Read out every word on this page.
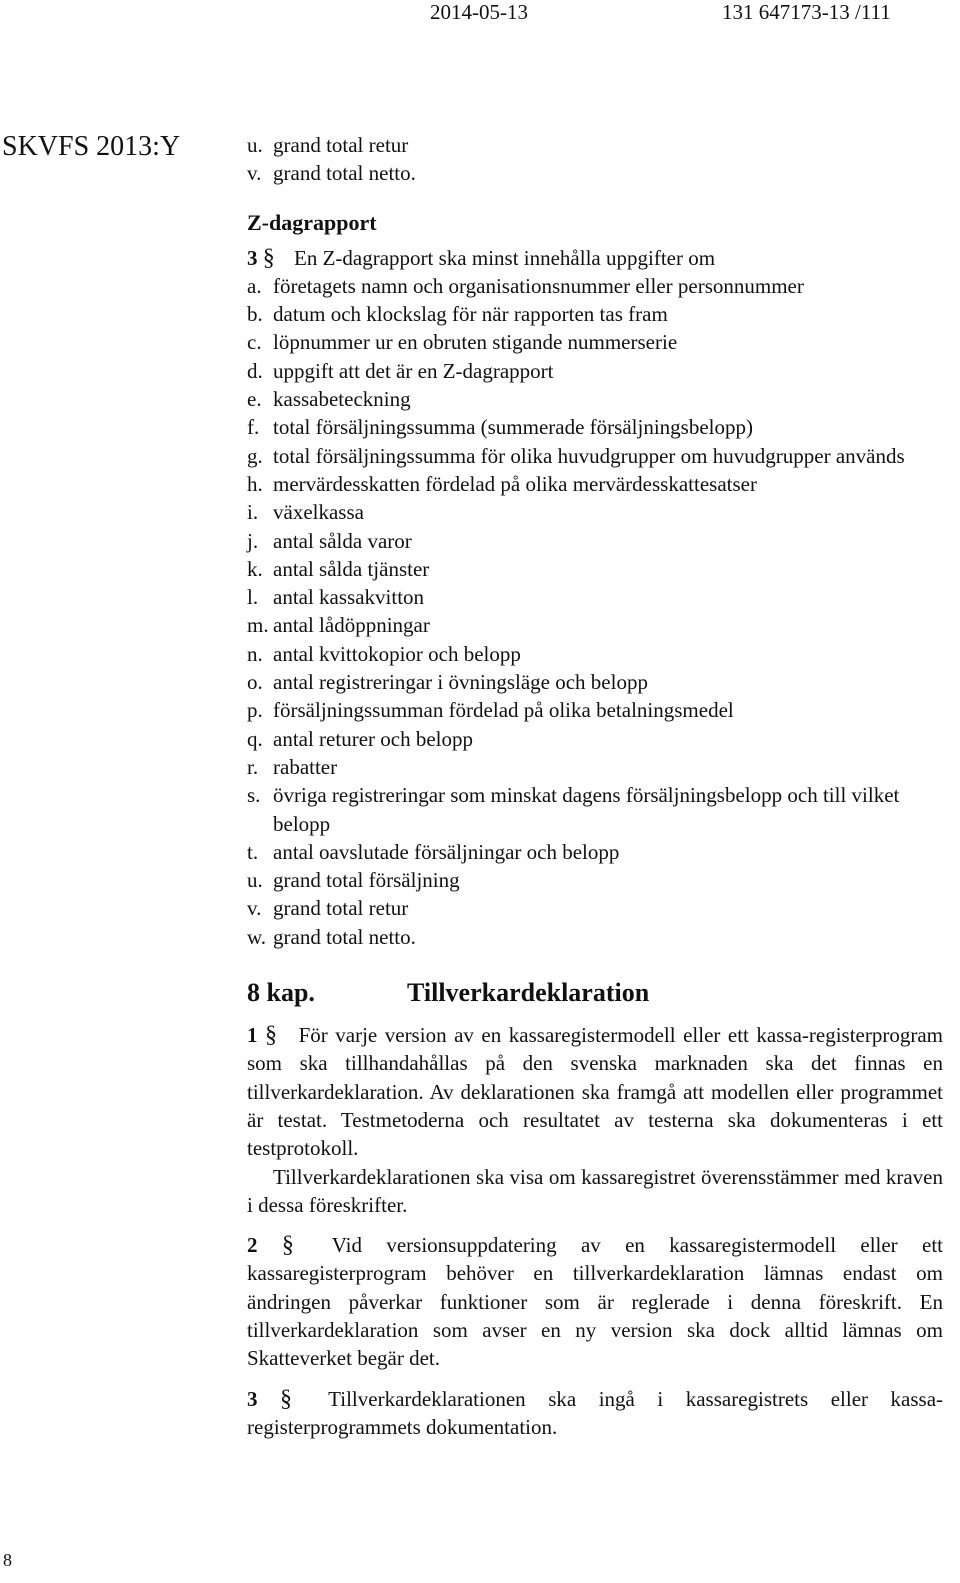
2014-05-13	131 647173-13 /111
SKVFS 2013:Y	u. grand total retur
v. grand total netto.
Z-dagrapport
3 § En Z-dagrapport ska minst innehålla uppgifter om
a. företagets namn och organisationsnummer eller personnummer
b. datum och klockslag för när rapporten tas fram
c. löpnummer ur en obruten stigande nummerserie
d. uppgift att det är en Z-dagrapport
e. kassabeteckning
f. total försäljningssumma (summerade försäljningsbelopp)
g. total försäljningssumma för olika huvudgrupper om huvudgrupper används
h. mervärdesskatten fördelad på olika mervärdesskattesatser
i. växelkassa
j. antal sålda varor
k. antal sålda tjänster
l. antal kassakvitton
m. antal lådöppningar
n. antal kvittokopior och belopp
o. antal registreringar i övningsläge och belopp
p. försäljningssumman fördelad på olika betalningsmedel
q. antal returer och belopp
r. rabatter
s. övriga registreringar som minskat dagens försäljningsbelopp och till vilket belopp
t. antal oavslutade försäljningar och belopp
u. grand total försäljning
v. grand total retur
w. grand total netto.
8 kap.	Tillverkardeklaration
1 § För varje version av en kassaregistermodell eller ett kassa-registerprogram som ska tillhandahållas på den svenska marknaden ska det finnas en tillverkardeklaration. Av deklarationen ska framgå att modellen eller programmet är testat. Testmetoderna och resultatet av testerna ska dokumenteras i ett testprotokoll.
Tillverkardeklarationen ska visa om kassaregistret överensstämmer med kraven i dessa föreskrifter.
2 § Vid versionsuppdatering av en kassaregistermodell eller ett kassaregisterprogram behöver en tillverkardeklaration lämnas endast om ändringen påverkar funktioner som är reglerade i denna föreskrift. En tillverkardeklaration som avser en ny version ska dock alltid lämnas om Skatteverket begär det.
3 § Tillverkardeklarationen ska ingå i kassaregistrets eller kassa-registerprogrammets dokumentation.
8
